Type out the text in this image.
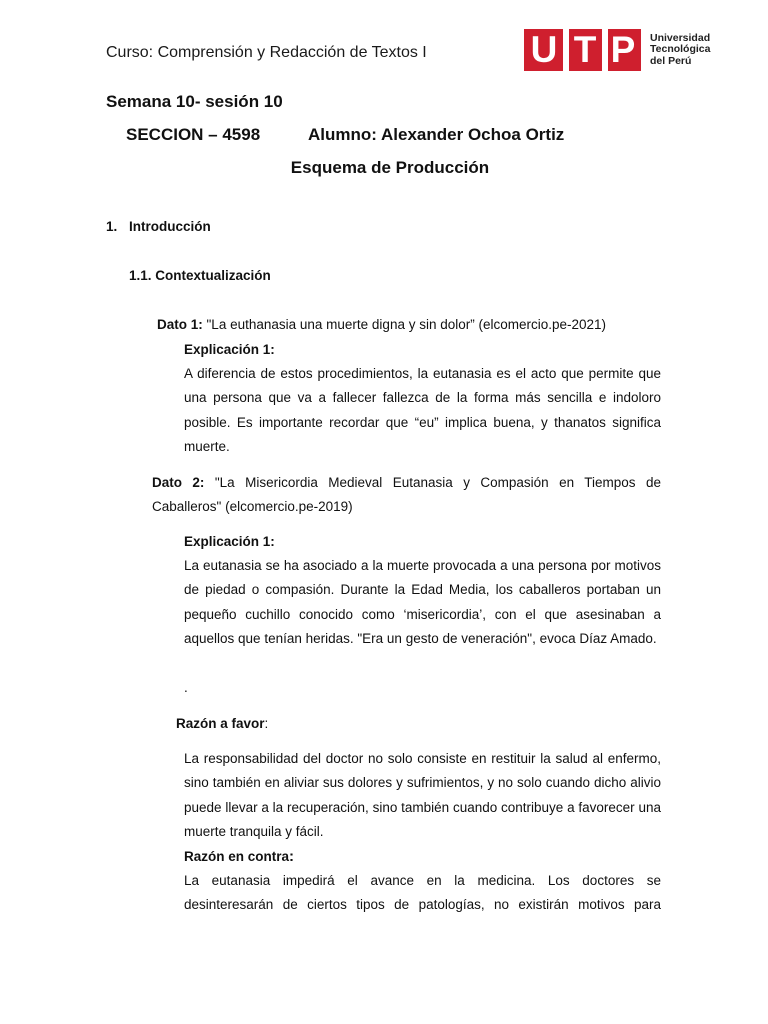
Curso: Comprensión y Redacción de Textos I	U T P	Universidad
Tecnológica
del Perú
Semana 10- sesión 10
SECCION – 4598	Alumno: Alexander Ochoa Ortiz
Esquema de Producción
1. Introducción
1.1. Contextualización
Dato 1: "La euthanasia una muerte digna y sin dolor” (elcomercio.pe-2021)
Explicación 1:
A diferencia de estos procedimientos, la eutanasia es el acto que permite que una persona que va a fallecer fallezca de la forma más sencilla e indoloro posible. Es importante recordar que “eu” implica buena, y thanatos significa muerte.
Dato 2: "La Misericordia Medieval Eutanasia y Compasión en Tiempos de Caballeros" (elcomercio.pe-2019)
Explicación 1:
La eutanasia se ha asociado a la muerte provocada a una persona por motivos de piedad o compasión. Durante la Edad Media, los caballeros portaban un pequeño cuchillo conocido como ‘misericordia’, con el que asesinaban a aquellos que tenían heridas. "Era un gesto de veneración", evoca Díaz Amado.
.
Razón a favor:
La responsabilidad del doctor no solo consiste en restituir la salud al enfermo, sino también en aliviar sus dolores y sufrimientos, y no solo cuando dicho alivio puede llevar a la recuperación, sino también cuando contribuye a favorecer una muerte tranquila y fácil.
Razón en contra:
La eutanasia impedirá el avance en la medicina. Los doctores se desinteresarán de ciertos tipos de patologías, no existirán motivos para
